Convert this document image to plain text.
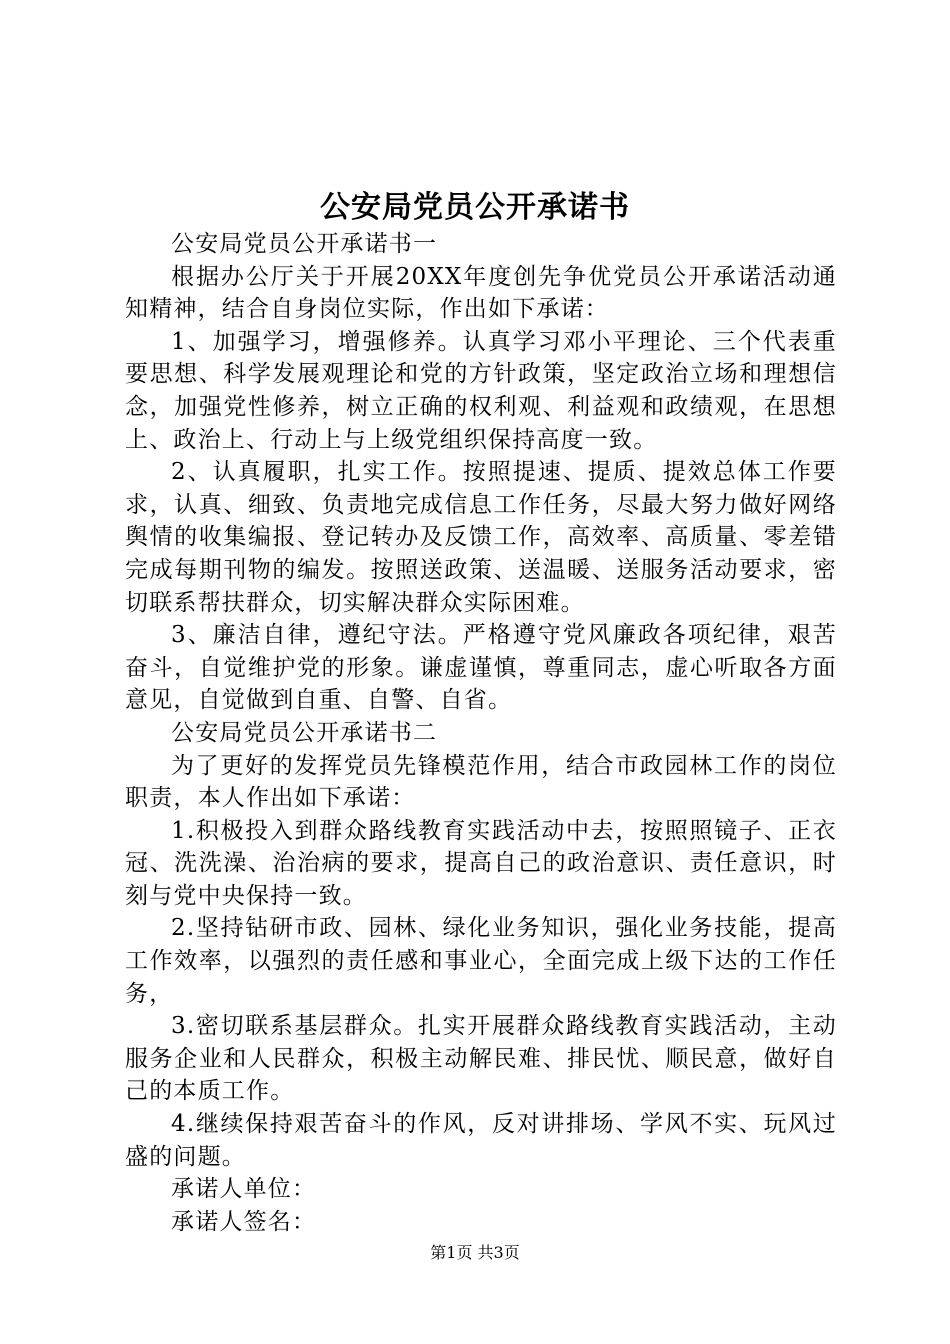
公安局党员公开承诺书

公安局党员公开承诺书一

根据办公厅关于开展20XX年度创先争优党员公开承诺活动通知精神，结合自身岗位实际，作出如下承诺：

1、加强学习，增强修养。认真学习邓小平理论、三个代表重要思想、科学发展观理论和党的方针政策，坚定政治立场和理想信念，加强党性修养，树立正确的权利观、利益观和政绩观，在思想上、政治上、行动上与上级党组织保持高度一致。

2、认真履职，扎实工作。按照提速、提质、提效总体工作要求，认真、细致、负责地完成信息工作任务，尽最大努力做好网络舆情的收集编报、登记转办及反馈工作，高效率、高质量、零差错完成每期刊物的编发。按照送政策、送温暖、送服务活动要求，密切联系帮扶群众，切实解决群众实际困难。

3、廉洁自律，遵纪守法。严格遵守党风廉政各项纪律，艰苦奋斗，自觉维护党的形象。谦虚谨慎，尊重同志，虚心听取各方面意见，自觉做到自重、自警、自省。

公安局党员公开承诺书二

为了更好的发挥党员先锋模范作用，结合市政园林工作的岗位职责，本人作出如下承诺：

1.积极投入到群众路线教育实践活动中去，按照照镜子、正衣冠、洗洗澡、治治病的要求，提高自己的政治意识、责任意识，时刻与党中央保持一致。

2.坚持钻研市政、园林、绿化业务知识，强化业务技能，提高工作效率，以强烈的责任感和事业心，全面完成上级下达的工作任务，

3.密切联系基层群众。扎实开展群众路线教育实践活动，主动服务企业和人民群众，积极主动解民难、排民忧、顺民意，做好自己的本质工作。

4.继续保持艰苦奋斗的作风，反对讲排场、学风不实、玩风过盛的问题。

承诺人单位：

承诺人签名：

第1页 共3页
